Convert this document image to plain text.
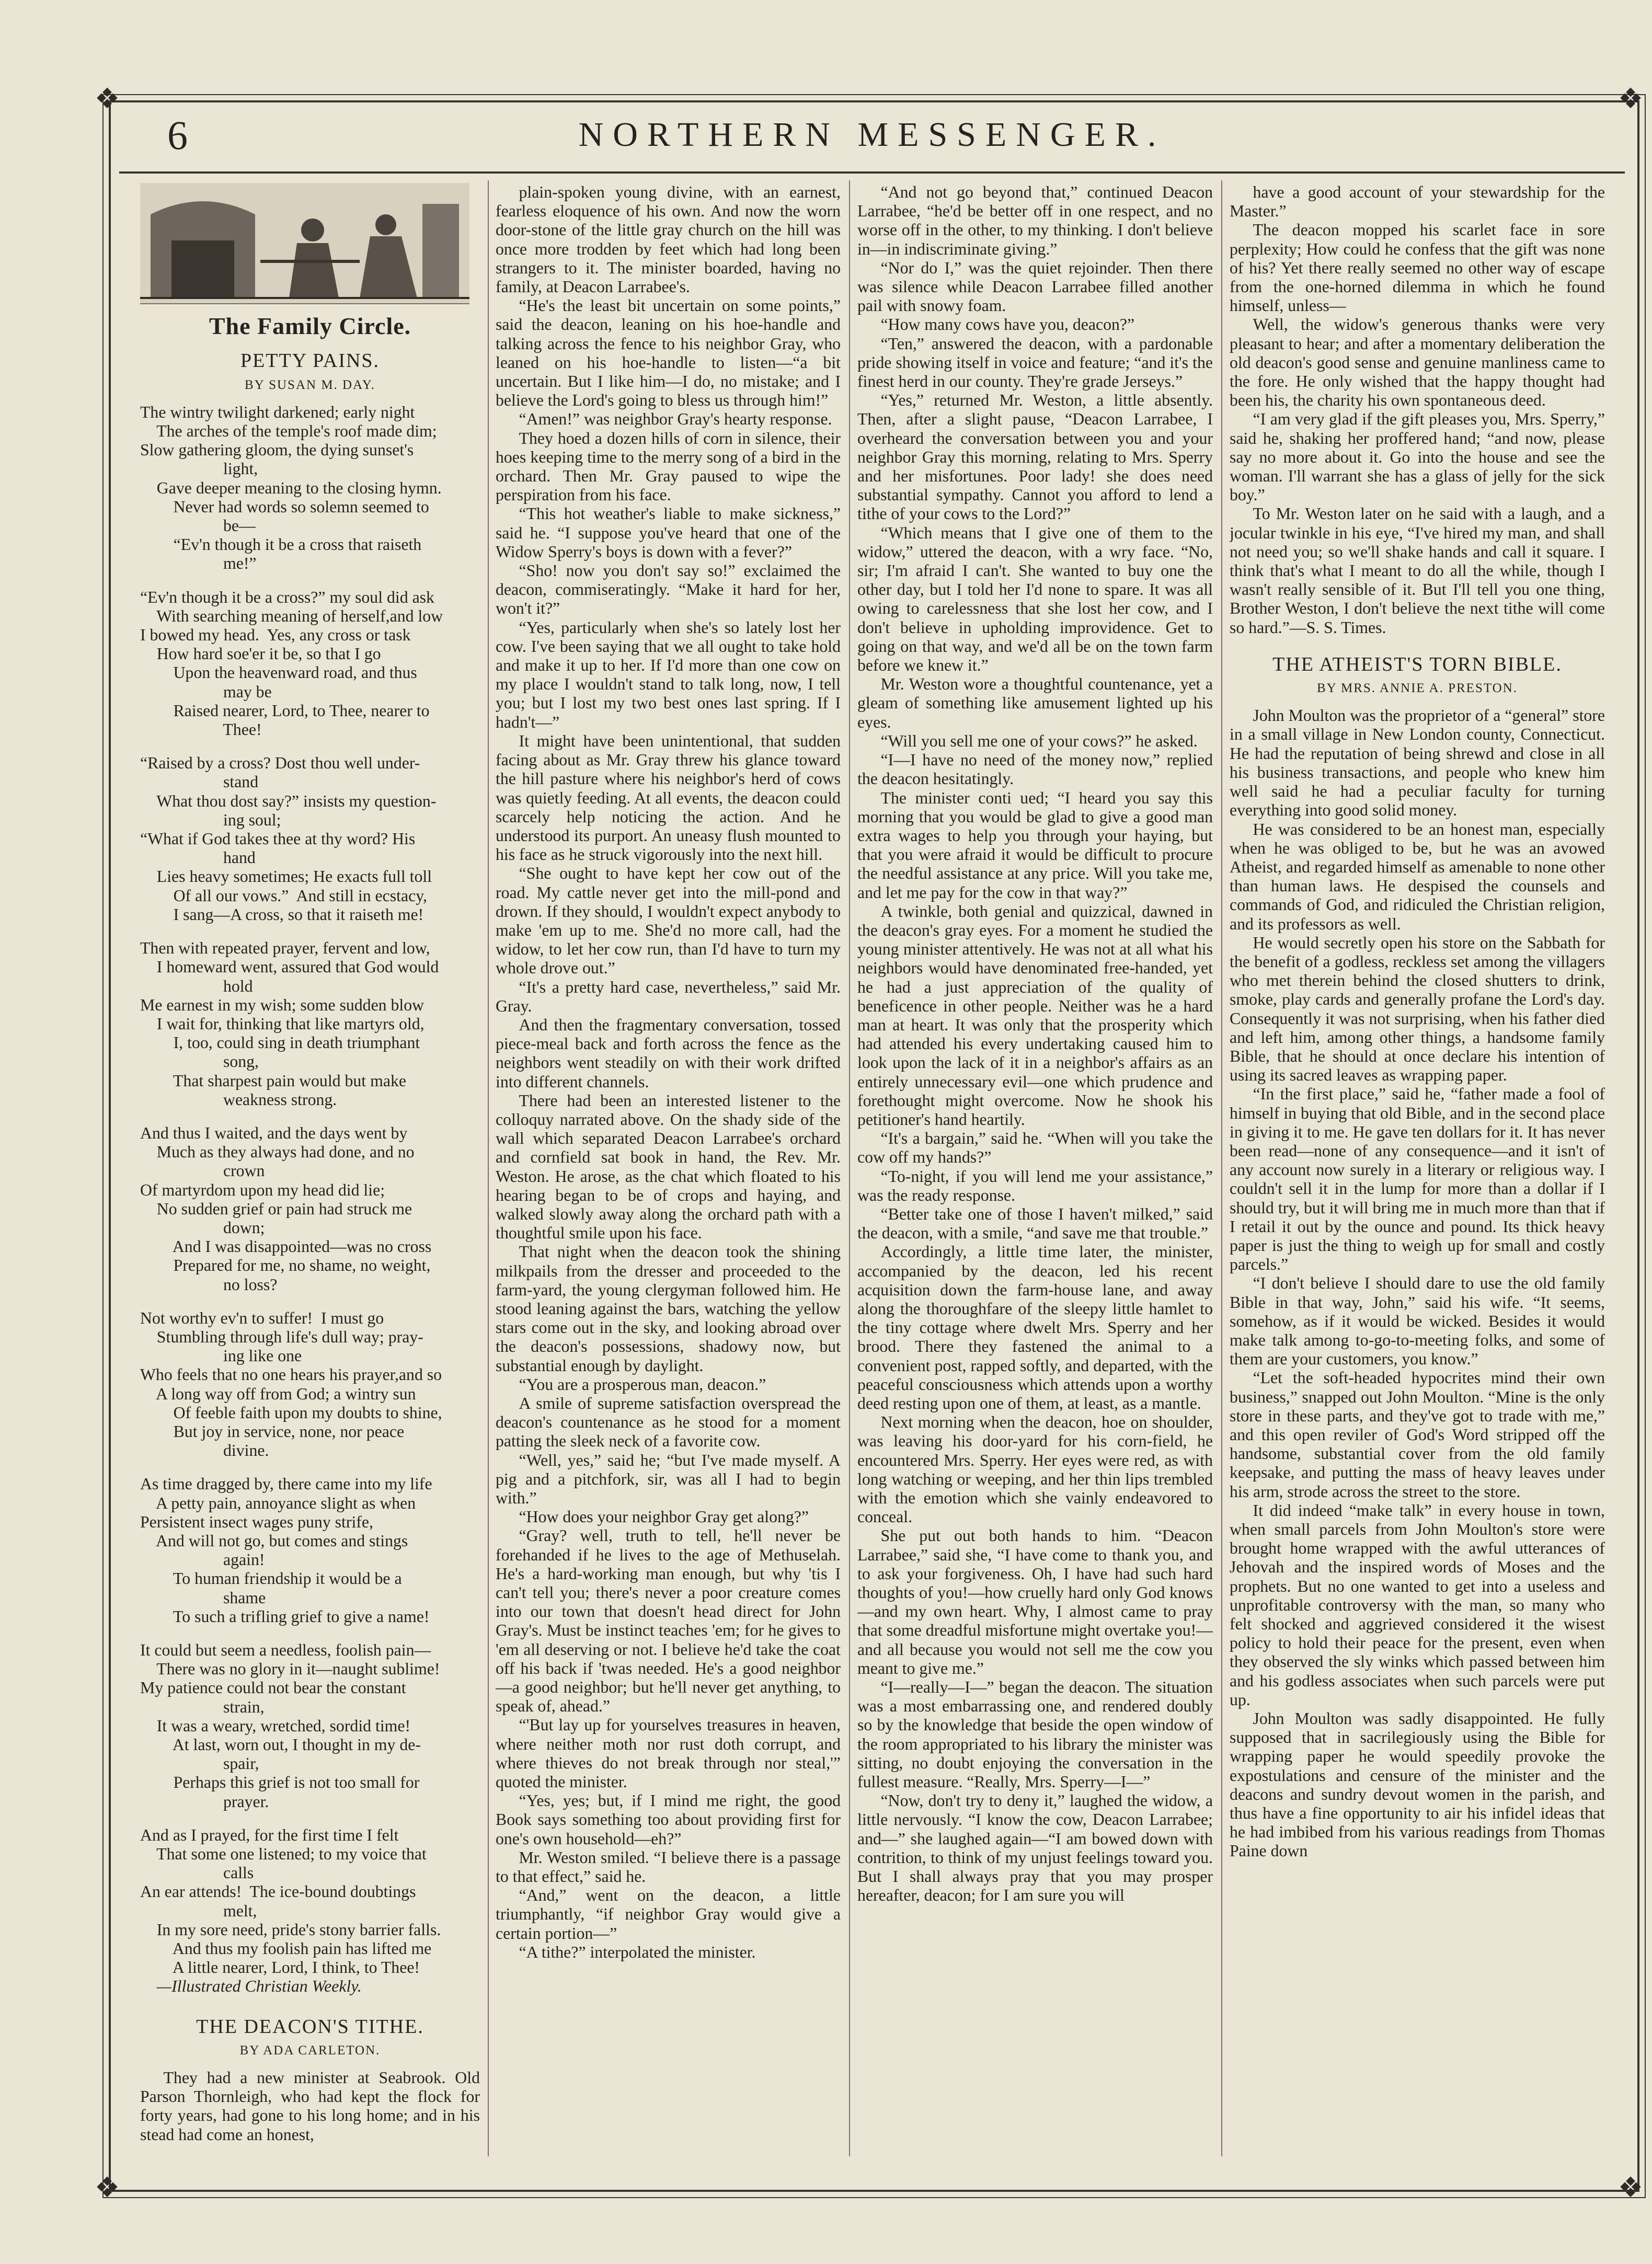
❖	❖
❖	❖
6	NORTHERN MESSENGER.
The Family Circle.
PETTY PAINS.
BY SUSAN M. DAY.
The wintry twilight darkened; early night
The arches of the temple's roof made dim;
Slow gathering gloom, the dying sunset's
light,
Gave deeper meaning to the closing hymn.
Never had words so solemn seemed to
be—
“Ev'n though it be a cross that raiseth
me!”
“Ev'n though it be a cross?” my soul did ask
With searching meaning of herself,and low
I bowed my head.  Yes, any cross or task
How hard soe'er it be, so that I go
Upon the heavenward road, and thus
may be
Raised nearer, Lord, to Thee, nearer to
Thee!
“Raised by a cross? Dost thou well under-
stand
What thou dost say?” insists my question-
ing soul;
“What if God takes thee at thy word? His
hand
Lies heavy sometimes; He exacts full toll
Of all our vows.”  And still in ecstacy,
I sang—A cross, so that it raiseth me!
Then with repeated prayer, fervent and low,
I homeward went, assured that God would
hold
Me earnest in my wish; some sudden blow
I wait for, thinking that like martyrs old,
I, too, could sing in death triumphant
song,
That sharpest pain would but make
weakness strong.
And thus I waited, and the days went by
Much as they always had done, and no
crown
Of martyrdom upon my head did lie;
No sudden grief or pain had struck me
down;
And I was disappointed—was no cross
Prepared for me, no shame, no weight,
no loss?
Not worthy ev'n to suffer!  I must go
Stumbling through life's dull way; pray-
ing like one
Who feels that no one hears his prayer,and so
A long way off from God; a wintry sun
Of feeble faith upon my doubts to shine,
But joy in service, none, nor peace
divine.
As time dragged by, there came into my life
A petty pain, annoyance slight as when
Persistent insect wages puny strife,
And will not go, but comes and stings
again!
To human friendship it would be a
shame
To such a trifling grief to give a name!
It could but seem a needless, foolish pain—
There was no glory in it—naught sublime!
My patience could not bear the constant
strain,
It was a weary, wretched, sordid time!
At last, worn out, I thought in my de-
spair,
Perhaps this grief is not too small for
prayer.
And as I prayed, for the first time I felt
That some one listened; to my voice that
calls
An ear attends!  The ice-bound doubtings
melt,
In my sore need, pride's stony barrier falls.
And thus my foolish pain has lifted me
A little nearer, Lord, I think, to Thee!
—Illustrated Christian Weekly.
THE DEACON'S TITHE.
BY ADA CARLETON.

They had a new minister at Seabrook. Old Parson Thornleigh, who had kept the flock for forty years, had gone to his long home; and in his stead had come an honest,

plain-spoken young divine, with an earnest, fearless eloquence of his own. And now the worn door-stone of the little gray church on the hill was once more trodden by feet which had long been strangers to it. The minister boarded, having no family, at Deacon Larrabee's.

“He's the least bit uncertain on some points,” said the deacon, leaning on his hoe-handle and talking across the fence to his neighbor Gray, who leaned on his hoe-handle to listen—“a bit uncertain. But I like him—I do, no mistake; and I believe the Lord's going to bless us through him!”

“Amen!” was neighbor Gray's hearty response.

They hoed a dozen hills of corn in silence, their hoes keeping time to the merry song of a bird in the orchard. Then Mr. Gray paused to wipe the perspiration from his face.

“This hot weather's liable to make sickness,” said he. “I suppose you've heard that one of the Widow Sperry's boys is down with a fever?”

“Sho! now you don't say so!” exclaimed the deacon, commiseratingly. “Make it hard for her, won't it?”

“Yes, particularly when she's so lately lost her cow. I've been saying that we all ought to take hold and make it up to her. If I'd more than one cow on my place I wouldn't stand to talk long, now, I tell you; but I lost my two best ones last spring. If I hadn't—”

It might have been unintentional, that sudden facing about as Mr. Gray threw his glance toward the hill pasture where his neighbor's herd of cows was quietly feeding. At all events, the deacon could scarcely help noticing the action. And he understood its purport. An uneasy flush mounted to his face as he struck vigorously into the next hill.

“She ought to have kept her cow out of the road. My cattle never get into the mill-pond and drown. If they should, I wouldn't expect anybody to make 'em up to me. She'd no more call, had the widow, to let her cow run, than I'd have to turn my whole drove out.”

“It's a pretty hard case, nevertheless,” said Mr. Gray.

And then the fragmentary conversation, tossed piece-meal back and forth across the fence as the neighbors went steadily on with their work drifted into different channels.

There had been an interested listener to the colloquy narrated above. On the shady side of the wall which separated Deacon Larrabee's orchard and cornfield sat book in hand, the Rev. Mr. Weston. He arose, as the chat which floated to his hearing began to be of crops and haying, and walked slowly away along the orchard path with a thoughtful smile upon his face.

That night when the deacon took the shining milkpails from the dresser and proceeded to the farm-yard, the young clergyman followed him. He stood leaning against the bars, watching the yellow stars come out in the sky, and looking abroad over the deacon's possessions, shadowy now, but substantial enough by daylight.

“You are a prosperous man, deacon.”

A smile of supreme satisfaction overspread the deacon's countenance as he stood for a moment patting the sleek neck of a favorite cow.

“Well, yes,” said he; “but I've made myself. A pig and a pitchfork, sir, was all I had to begin with.”

“How does your neighbor Gray get along?”

“Gray? well, truth to tell, he'll never be forehanded if he lives to the age of Methuselah. He's a hard-working man enough, but why 'tis I can't tell you; there's never a poor creature comes into our town that doesn't head direct for John Gray's. Must be instinct teaches 'em; for he gives to 'em all deserving or not. I believe he'd take the coat off his back if 'twas needed. He's a good neighbor—a good neighbor; but he'll never get anything, to speak of, ahead.”

“'But lay up for yourselves treasures in heaven, where neither moth nor rust doth corrupt, and where thieves do not break through nor steal,'” quoted the minister.

“Yes, yes; but, if I mind me right, the good Book says something too about providing first for one's own household—eh?”

Mr. Weston smiled. “I believe there is a passage to that effect,” said he.

“And,” went on the deacon, a little triumphantly, “if neighbor Gray would give a certain portion—”

“A tithe?” interpolated the minister.

“And not go beyond that,” continued Deacon Larrabee, “he'd be better off in one respect, and no worse off in the other, to my thinking. I don't believe in—in indiscriminate giving.”

“Nor do I,” was the quiet rejoinder. Then there was silence while Deacon Larrabee filled another pail with snowy foam.

“How many cows have you, deacon?”

“Ten,” answered the deacon, with a pardonable pride showing itself in voice and feature; “and it's the finest herd in our county. They're grade Jerseys.”

“Yes,” returned Mr. Weston, a little absently. Then, after a slight pause, “Deacon Larrabee, I overheard the conversation between you and your neighbor Gray this morning, relating to Mrs. Sperry and her misfortunes. Poor lady! she does need substantial sympathy. Cannot you afford to lend a tithe of your cows to the Lord?”

“Which means that I give one of them to the widow,” uttered the deacon, with a wry face. “No, sir; I'm afraid I can't. She wanted to buy one the other day, but I told her I'd none to spare. It was all owing to carelessness that she lost her cow, and I don't believe in upholding improvidence. Get to going on that way, and we'd all be on the town farm before we knew it.”

Mr. Weston wore a thoughtful countenance, yet a gleam of something like amusement lighted up his eyes.

“Will you sell me one of your cows?” he asked.

“I—I have no need of the money now,” replied the deacon hesitatingly.

The minister conti ued; “I heard you say this morning that you would be glad to give a good man extra wages to help you through your haying, but that you were afraid it would be difficult to procure the needful assistance at any price. Will you take me, and let me pay for the cow in that way?”

A twinkle, both genial and quizzical, dawned in the deacon's gray eyes. For a moment he studied the young minister attentively. He was not at all what his neighbors would have denominated free-handed, yet he had a just appreciation of the quality of beneficence in other people. Neither was he a hard man at heart. It was only that the prosperity which had attended his every undertaking caused him to look upon the lack of it in a neighbor's affairs as an entirely unnecessary evil—one which prudence and forethought might overcome. Now he shook his petitioner's hand heartily.

“It's a bargain,” said he. “When will you take the cow off my hands?”

“To-night, if you will lend me your assistance,” was the ready response.

“Better take one of those I haven't milked,” said the deacon, with a smile, “and save me that trouble.”

Accordingly, a little time later, the minister, accompanied by the deacon, led his recent acquisition down the farm-house lane, and away along the thoroughfare of the sleepy little hamlet to the tiny cottage where dwelt Mrs. Sperry and her brood. There they fastened the animal to a convenient post, rapped softly, and departed, with the peaceful consciousness which attends upon a worthy deed resting upon one of them, at least, as a mantle.

Next morning when the deacon, hoe on shoulder, was leaving his door-yard for his corn-field, he encountered Mrs. Sperry. Her eyes were red, as with long watching or weeping, and her thin lips trembled with the emotion which she vainly endeavored to conceal.

She put out both hands to him. “Deacon Larrabee,” said she, “I have come to thank you, and to ask your forgiveness. Oh, I have had such hard thoughts of you!—how cruelly hard only God knows—and my own heart. Why, I almost came to pray that some dreadful misfortune might overtake you!—and all because you would not sell me the cow you meant to give me.”

“I—really—I—” began the deacon. The situation was a most embarrassing one, and rendered doubly so by the knowledge that beside the open window of the room appropriated to his library the minister was sitting, no doubt enjoying the conversation in the fullest measure. “Really, Mrs. Sperry—I—”

“Now, don't try to deny it,” laughed the widow, a little nervously. “I know the cow, Deacon Larrabee; and—” she laughed again—“I am bowed down with contrition, to think of my unjust feelings toward you. But I shall always pray that you may prosper hereafter, deacon; for I am sure you will

have a good account of your stewardship for the Master.”

The deacon mopped his scarlet face in sore perplexity; How could he confess that the gift was none of his? Yet there really seemed no other way of escape from the one-horned dilemma in which he found himself, unless—

Well, the widow's generous thanks were very pleasant to hear; and after a momentary deliberation the old deacon's good sense and genuine manliness came to the fore. He only wished that the happy thought had been his, the charity his own spontaneous deed.

“I am very glad if the gift pleases you, Mrs. Sperry,” said he, shaking her proffered hand; “and now, please say no more about it. Go into the house and see the woman. I'll warrant she has a glass of jelly for the sick boy.”

To Mr. Weston later on he said with a laugh, and a jocular twinkle in his eye, “I've hired my man, and shall not need you; so we'll shake hands and call it square. I think that's what I meant to do all the while, though I wasn't really sensible of it. But I'll tell you one thing, Brother Weston, I don't believe the next tithe will come so hard.”—S. S. Times.

THE ATHEIST'S TORN BIBLE.
BY MRS. ANNIE A. PRESTON.

John Moulton was the proprietor of a “general” store in a small village in New London county, Connecticut. He had the reputation of being shrewd and close in all his business transactions, and people who knew him well said he had a peculiar faculty for turning everything into good solid money.

He was considered to be an honest man, especially when he was obliged to be, but he was an avowed Atheist, and regarded himself as amenable to none other than human laws. He despised the counsels and commands of God, and ridiculed the Christian religion, and its professors as well.

He would secretly open his store on the Sabbath for the benefit of a godless, reckless set among the villagers who met therein behind the closed shutters to drink, smoke, play cards and generally profane the Lord's day. Consequently it was not surprising, when his father died and left him, among other things, a handsome family Bible, that he should at once declare his intention of using its sacred leaves as wrapping paper.

“In the first place,” said he, “father made a fool of himself in buying that old Bible, and in the second place in giving it to me. He gave ten dollars for it. It has never been read—none of any consequence—and it isn't of any account now surely in a literary or religious way. I couldn't sell it in the lump for more than a dollar if I should try, but it will bring me in much more than that if I retail it out by the ounce and pound. Its thick heavy paper is just the thing to weigh up for small and costly parcels.”

“I don't believe I should dare to use the old family Bible in that way, John,” said his wife. “It seems, somehow, as if it would be wicked. Besides it would make talk among to-go-to-meeting folks, and some of them are your customers, you know.”

“Let the soft-headed hypocrites mind their own business,” snapped out John Moulton. “Mine is the only store in these parts, and they've got to trade with me,” and this open reviler of God's Word stripped off the handsome, substantial cover from the old family keepsake, and putting the mass of heavy leaves under his arm, strode across the street to the store.

It did indeed “make talk” in every house in town, when small parcels from John Moulton's store were brought home wrapped with the awful utterances of Jehovah and the inspired words of Moses and the prophets. But no one wanted to get into a useless and unprofitable controversy with the man, so many who felt shocked and aggrieved considered it the wisest policy to hold their peace for the present, even when they observed the sly winks which passed between him and his godless associates when such parcels were put up.

John Moulton was sadly disappointed. He fully supposed that in sacrilegiously using the Bible for wrapping paper he would speedily provoke the expostulations and censure of the minister and the deacons and sundry devout women in the parish, and thus have a fine opportunity to air his infidel ideas that he had imbibed from his various readings from Thomas Paine down
